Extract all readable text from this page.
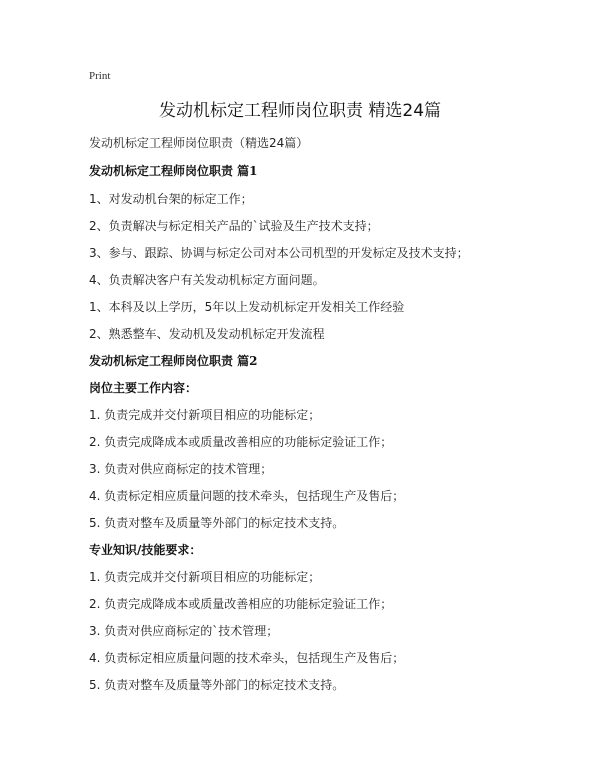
Print
发动机标定工程师岗位职责 精选24篇
发动机标定工程师岗位职责（精选24篇）
发动机标定工程师岗位职责 篇1
1、对发动机台架的标定工作；
2、负责解决与标定相关产品的`试验及生产技术支持；
3、参与、跟踪、协调与标定公司对本公司机型的开发标定及技术支持；
4、负责解决客户有关发动机标定方面问题。
1、本科及以上学历，5年以上发动机标定开发相关工作经验
2、熟悉整车、发动机及发动机标定开发流程
发动机标定工程师岗位职责 篇2
岗位主要工作内容：
1. 负责完成并交付新项目相应的功能标定；
2. 负责完成降成本或质量改善相应的功能标定验证工作；
3. 负责对供应商标定的技术管理；
4. 负责标定相应质量问题的技术牵头，包括现生产及售后；
5. 负责对整车及质量等外部门的标定技术支持。
专业知识/技能要求：
1. 负责完成并交付新项目相应的功能标定；
2. 负责完成降成本或质量改善相应的功能标定验证工作；
3. 负责对供应商标定的`技术管理；
4. 负责标定相应质量问题的技术牵头，包括现生产及售后；
5. 负责对整车及质量等外部门的标定技术支持。
